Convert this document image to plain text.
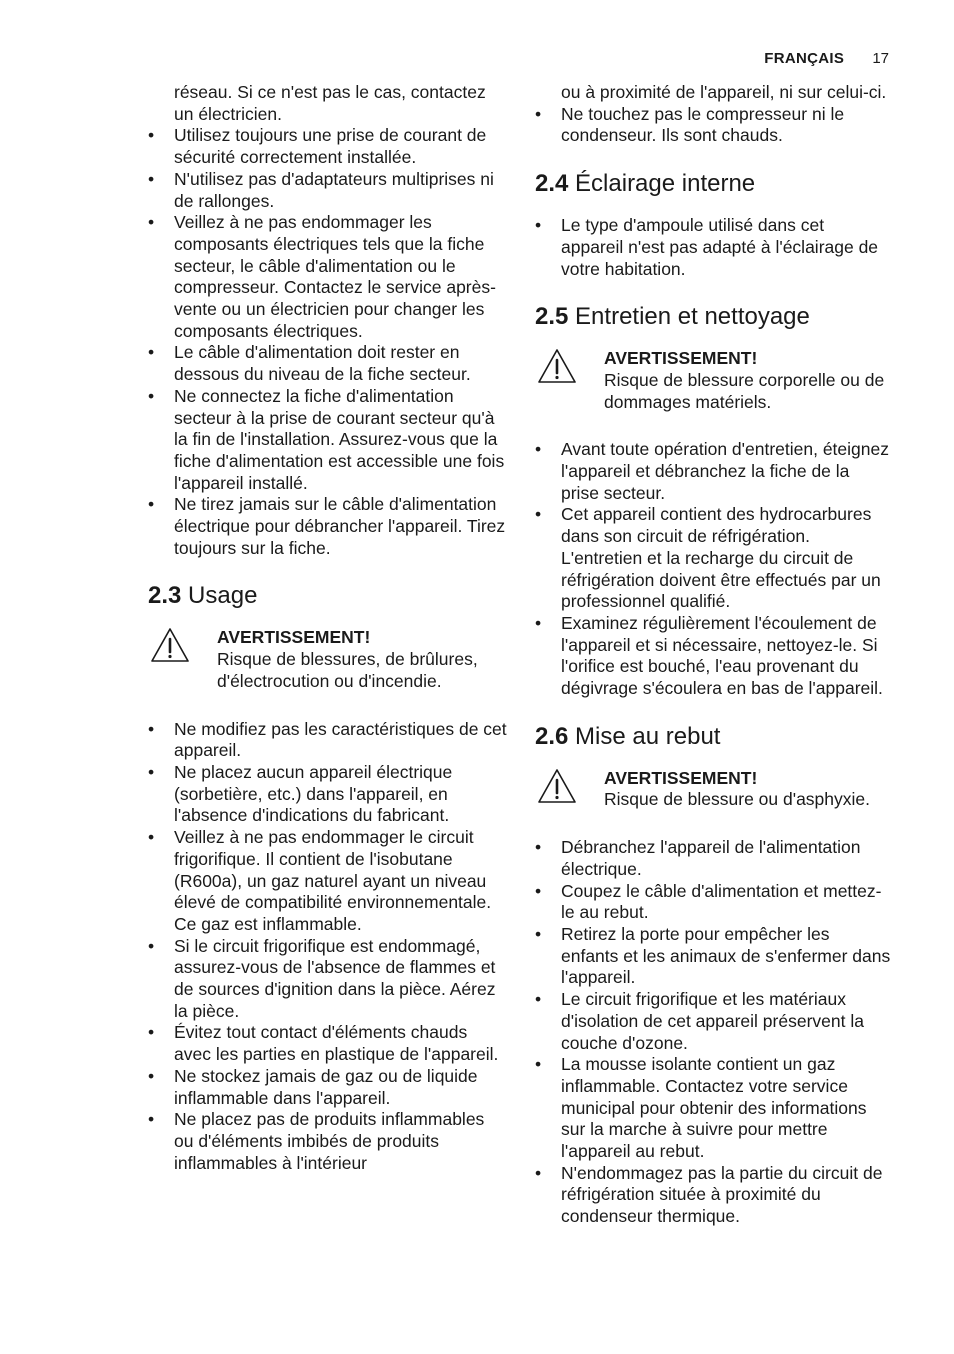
FRANÇAIS 17

réseau. Si ce n'est pas le cas, contactez un électricien.

• Utilisez toujours une prise de courant de sécurité correctement installée.
• N'utilisez pas d'adaptateurs multiprises ni de rallonges.
• Veillez à ne pas endommager les composants électriques tels que la fiche secteur, le câble d'alimentation ou le compresseur. Contactez le service après-vente ou un électricien pour changer les composants électriques.
• Le câble d'alimentation doit rester en dessous du niveau de la fiche secteur.
• Ne connectez la fiche d'alimentation secteur à la prise de courant secteur qu'à la fin de l'installation. Assurez-vous que la fiche d'alimentation est accessible une fois l'appareil installé.
• Ne tirez jamais sur le câble d'alimentation électrique pour débrancher l'appareil. Tirez toujours sur la fiche.
2.3 Usage
AVERTISSEMENT!
Risque de blessures, de brûlures, d'électrocution ou d'incendie.
• Ne modifiez pas les caractéristiques de cet appareil.
• Ne placez aucun appareil électrique (sorbetière, etc.) dans l'appareil, en l'absence d'indications du fabricant.
• Veillez à ne pas endommager le circuit frigorifique. Il contient de l'isobutane (R600a), un gaz naturel ayant un niveau élevé de compatibilité environnementale. Ce gaz est inflammable.
• Si le circuit frigorifique est endommagé, assurez-vous de l'absence de flammes et de sources d'ignition dans la pièce. Aérez la pièce.
• Évitez tout contact d'éléments chauds avec les parties en plastique de l'appareil.
• Ne stockez jamais de gaz ou de liquide inflammable dans l'appareil.
• Ne placez pas de produits inflammables ou d'éléments imbibés de produits inflammables à l'intérieur

ou à proximité de l'appareil, ni sur celui-ci.

• Ne touchez pas le compresseur ni le condenseur. Ils sont chauds.
2.4 Éclairage interne
• Le type d'ampoule utilisé dans cet appareil n'est pas adapté à l'éclairage de votre habitation.
2.5 Entretien et nettoyage
AVERTISSEMENT!
Risque de blessure corporelle ou de dommages matériels.
• Avant toute opération d'entretien, éteignez l'appareil et débranchez la fiche de la prise secteur.
• Cet appareil contient des hydrocarbures dans son circuit de réfrigération. L'entretien et la recharge du circuit de réfrigération doivent être effectués par un professionnel qualifié.
• Examinez régulièrement l'écoulement de l'appareil et si nécessaire, nettoyez-le. Si l'orifice est bouché, l'eau provenant du dégivrage s'écoulera en bas de l'appareil.
2.6 Mise au rebut
AVERTISSEMENT!
Risque de blessure ou d'asphyxie.
• Débranchez l'appareil de l'alimentation électrique.
• Coupez le câble d'alimentation et mettez-le au rebut.
• Retirez la porte pour empêcher les enfants et les animaux de s'enfermer dans l'appareil.
• Le circuit frigorifique et les matériaux d'isolation de cet appareil préservent la couche d'ozone.
• La mousse isolante contient un gaz inflammable. Contactez votre service municipal pour obtenir des informations sur la marche à suivre pour mettre l'appareil au rebut.
• N'endommagez pas la partie du circuit de réfrigération située à proximité du condenseur thermique.
